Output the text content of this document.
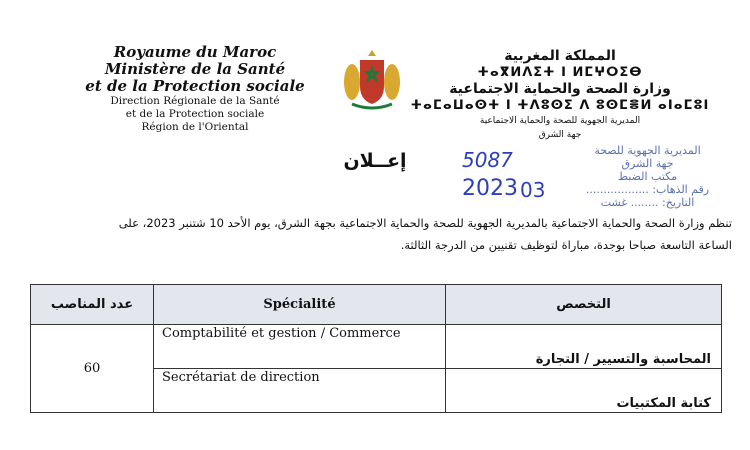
Royaume du Maroc
Ministère de la Santé
et de la Protection sociale
Direction Régionale de la Santé
et de la Protection sociale
Région de l'Oriental
المملكة المغربية
ⵜⴰⴳⵍⴷⵉⵜ ⵏ ⵍⵎⵖⵔⵉⴱ
وزارة الصحة والحماية الاجتماعية
ⵜⴰⵎⴰⵡⴰⵙⵜ ⵏ ⵜⴷⵓⵙⵉ ⴷ ⵓⵙⵎⴻⵍ ⴰⵏⴰⵎⵓⵏ
المديرية الجهوية للصحة والحماية الاجتماعية
جهة الشرق
إعــلان	المديرية الجهوية للصحة
جهة الشرق
مكتب الضبط
رقم الذهاب: ..................
التاريخ: ........ غشت
5087
2023 03
تنظم وزارة الصحة والحماية الاجتماعية بالمديرية الجهوية للصحة والحماية الاجتماعية بجهة الشرق، يوم الأحد 10 شتنبر 2023، على
الساعة التاسعة صباحا بوجدة، مباراة لتوظيف تقنيين من الدرجة الثالثة.
عدد المناصب	Spécialité	التخصص
60	Comptabilité et gestion / Commerce	المحاسبة والتسيير / التجارة
	Secrétariat de direction	كتابة المكتبيات
